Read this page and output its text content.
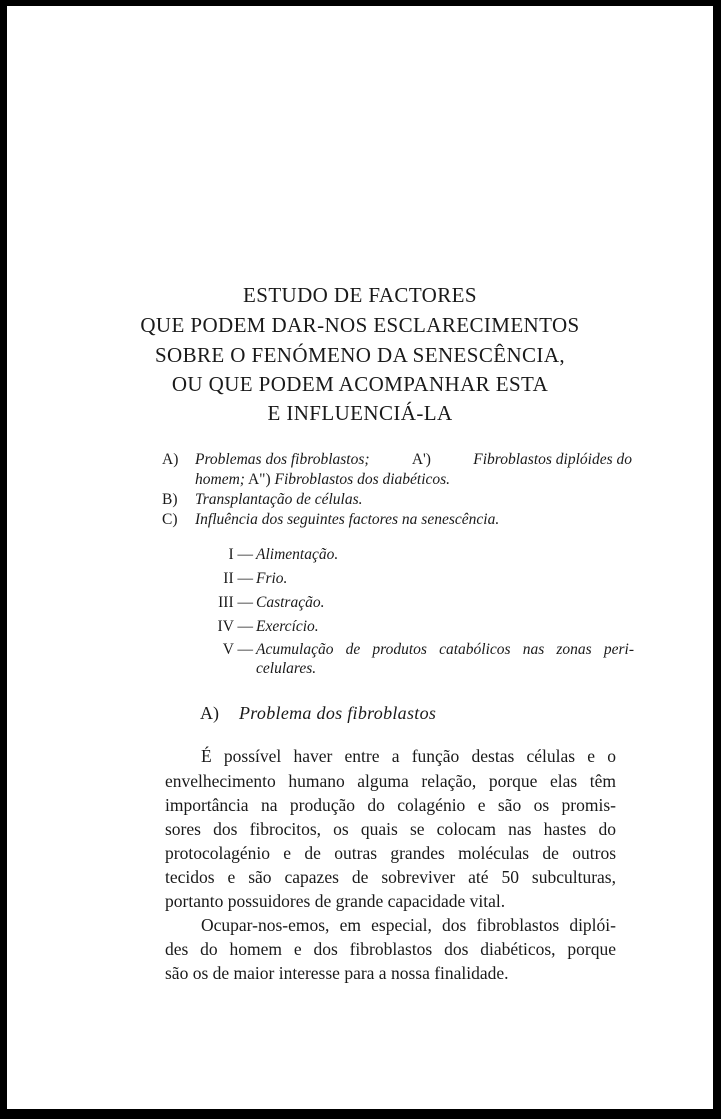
ESTUDO DE FACTORES
QUE PODEM DAR-NOS ESCLARECIMENTOS
SOBRE O FENÓMENO DA SENESCÊNCIA,
OU QUE PODEM ACOMPANHAR ESTA
E INFLUENCIÁ-LA
A) Problemas dos fibroblastos;	A')	Fibroblastos diplóides do
homem; A") Fibroblastos dos diabéticos.
B) Transplantação de células.
C) Influência dos seguintes factores na senescência.
I — Alimentação.
II — Frio.
III — Castração.
IV — Exercício.
V — Acumulação de produtos catabólicos nas zonas peri-
celulares.
A) Problema dos fibroblastos
É possível haver entre a função destas células e o
envelhecimento humano alguma relação, porque elas têm
importância na produção do colagénio e são os promis-
sores dos fibrocitos, os quais se colocam nas hastes do
protocolagénio e de outras grandes moléculas de outros
tecidos e são capazes de sobreviver até 50 subculturas,
portanto possuidores de grande capacidade vital.
Ocupar-nos-emos, em especial, dos fibroblastos diplói-
des do homem e dos fibroblastos dos diabéticos, porque
são os de maior interesse para a nossa finalidade.
